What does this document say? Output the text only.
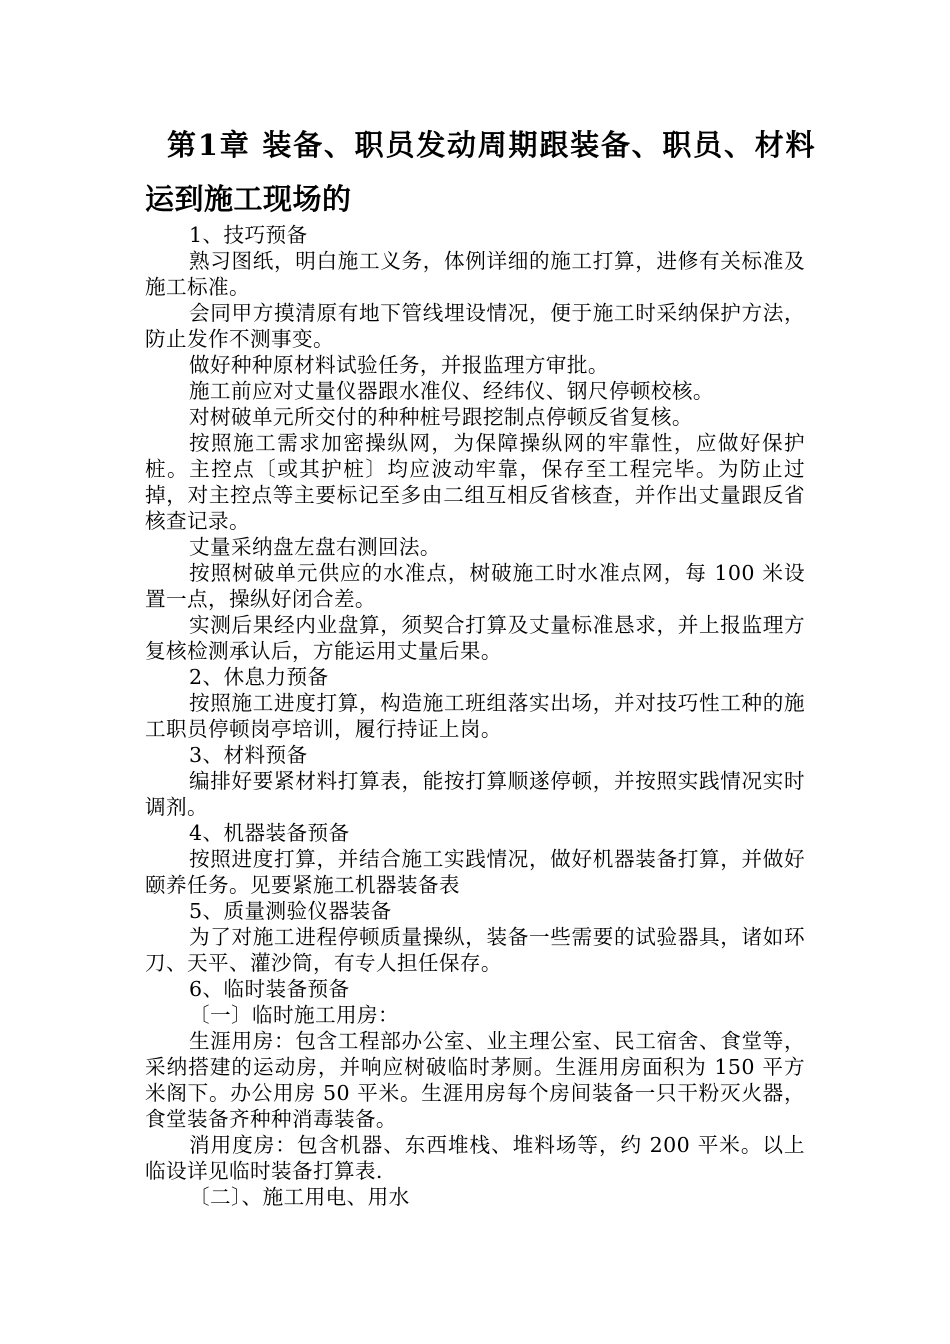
第1章 装备、职员发动周期跟装备、职员、材料运到施工现场的

1、技巧预备

熟习图纸，明白施工义务，体例详细的施工打算，进修有关标准及施工标准。

会同甲方摸清原有地下管线埋设情况，便于施工时采纳保护方法，防止发作不测事变。

做好种种原材料试验任务，并报监理方审批。

施工前应对丈量仪器跟水准仪、经纬仪、钢尺停顿校核。

对树破单元所交付的种种桩号跟挖制点停顿反省复核。

按照施工需求加密操纵网，为保障操纵网的牢靠性，应做好保护桩。主控点〔或其护桩〕均应波动牢靠，保存至工程完毕。为防止过掉，对主控点等主要标记至多由二组互相反省核查，并作出丈量跟反省核查记录。

丈量采纳盘左盘右测回法。

按照树破单元供应的水准点，树破施工时水准点网，每 100 米设置一点，操纵好闭合差。

实测后果经内业盘算，须契合打算及丈量标准恳求，并上报监理方复核检测承认后，方能运用丈量后果。

2、休息力预备

按照施工进度打算，构造施工班组落实出场，并对技巧性工种的施工职员停顿岗亭培训，履行持证上岗。

3、材料预备

编排好要紧材料打算表，能按打算顺遂停顿，并按照实践情况实时调剂。

4、机器装备预备

按照进度打算，并结合施工实践情况，做好机器装备打算，并做好颐养任务。见要紧施工机器装备表

5、质量测验仪器装备

为了对施工进程停顿质量操纵，装备一些需要的试验器具，诸如环刀、天平、灌沙筒，有专人担任保存。

6、临时装备预备

〔一〕临时施工用房：

生涯用房：包含工程部办公室、业主理公室、民工宿舍、食堂等，采纳搭建的运动房，并响应树破临时茅厕。生涯用房面积为 150 平方米阁下。办公用房 50 平米。生涯用房每个房间装备一只干粉灭火器，食堂装备齐种种消毒装备。

消用度房：包含机器、东西堆栈、堆料场等，约 200 平米。以上临设详见临时装备打算表.

〔二〕、施工用电、用水
